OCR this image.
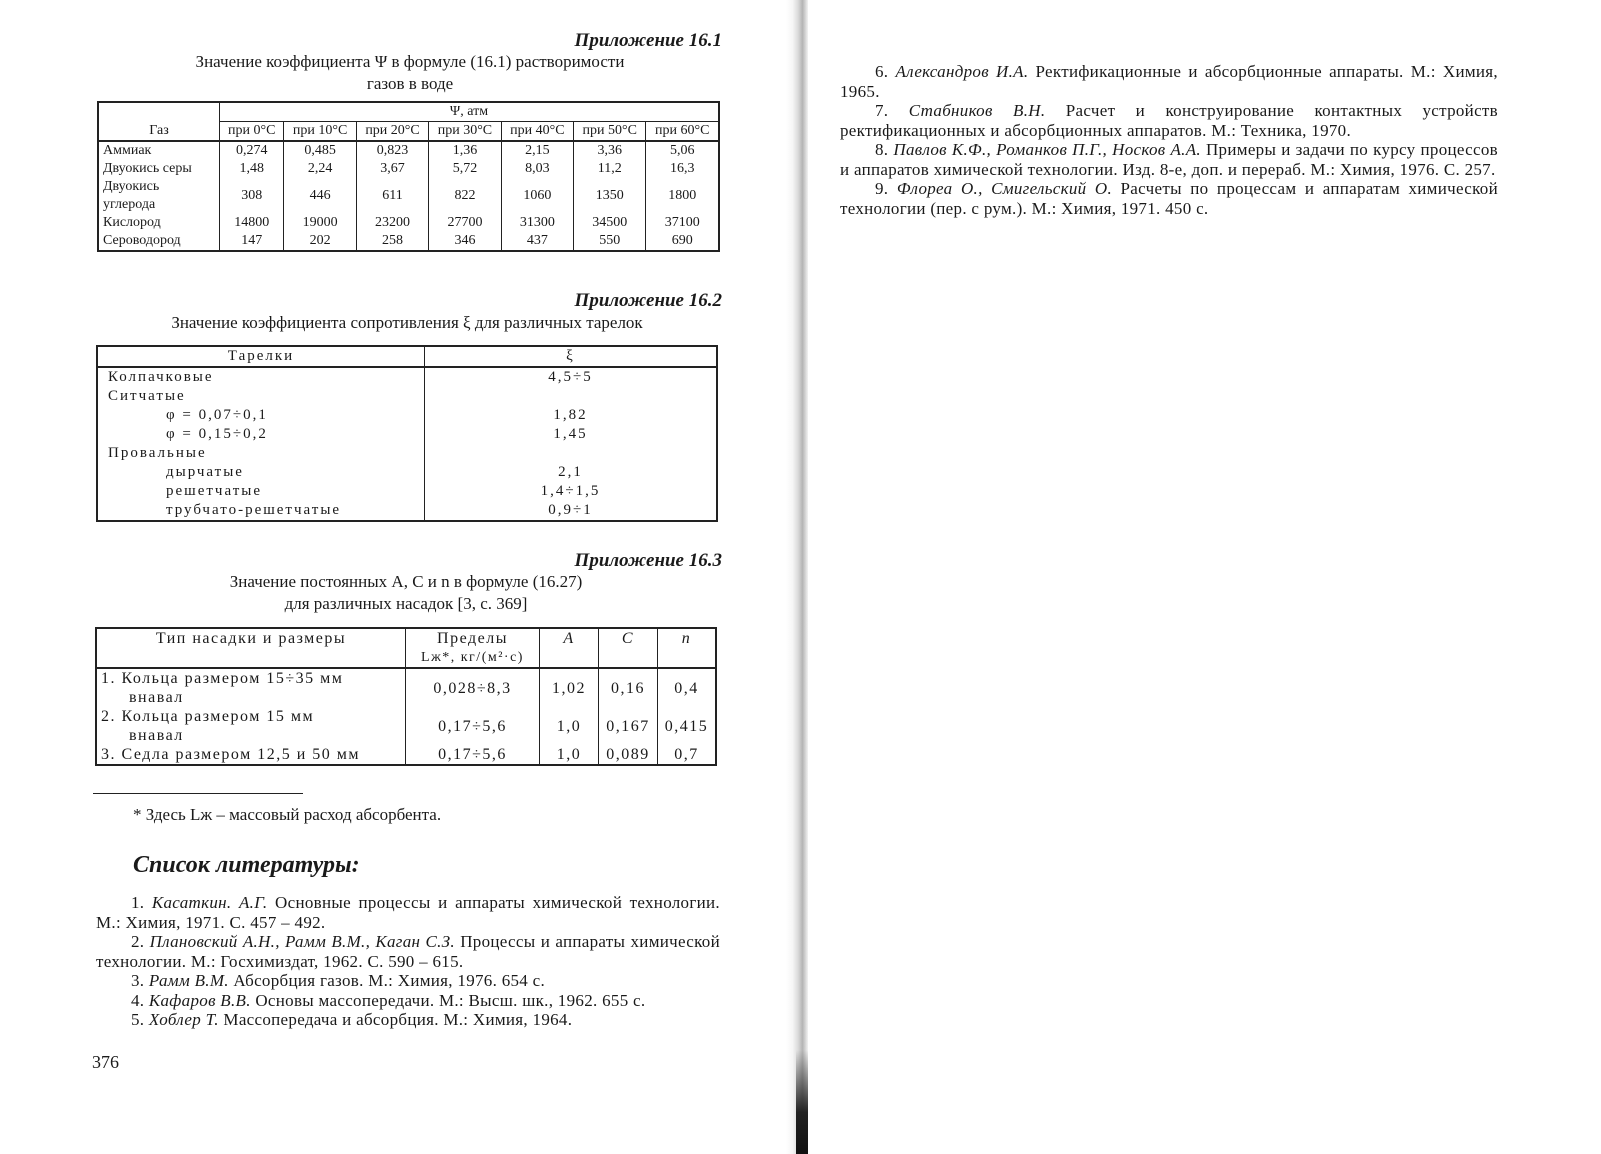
Приложение 16.1
Значение коэффициента Ψ в формуле (16.1) растворимости
газов в воде
Газ	Ψ, атм						
	при 0°C	при 10°C	при 20°C	при 30°C	при 40°C	при 50°C	при 60°C
Аммиак	0,274	0,485	0,823	1,36	2,15	3,36	5,06
Двуокись серы	1,48	2,24	3,67	5,72	8,03	11,2	16,3

Двуокись
углерода	308	446	611	822	1060	1350	1800
Кислород	14800	19000	23200	27700	31300	34500	37100
Сероводород	147	202	258	346	437	550	690
Приложение 16.2
Значение коэффициента сопротивления ξ для различных тарелок
Тарелки	ξ
Колпачковые	4,5÷5
Ситчатые	
φ = 0,07÷0,1	1,82
φ = 0,15÷0,2	1,45
Провальные	
дырчатые	2,1
решетчатые	1,4÷1,5
трубчато-решетчатые	0,9÷1
Приложение 16.3
Значение постоянных A, C и n в формуле (16.27)
для различных насадок [3, с. 369]
Тип насадки и размеры	Пределы
Lж*, кг/(м²·с)	A	C	n

1. Кольца размером 15÷35 мм
внавал	0,028÷8,3	1,02	0,16	0,4

2. Кольца размером 15 мм
внавал	0,17÷5,6	1,0	0,167	0,415

3. Седла размером 12,5 и 50 мм	0,17÷5,6	1,0	0,089	0,7
* Здесь Lж – массовый расход абсорбента.
Список литературы:

1. Касаткин. А.Г. Основные процессы и аппараты химической технологии. М.: Химия, 1971. С. 457 – 492.

2. Плановский А.Н., Рамм В.М., Каган С.З. Процессы и аппараты химической технологии. М.: Госхимиздат, 1962. С. 590 – 615.

3. Рамм В.М. Абсорбция газов. М.: Химия, 1976. 654 с.

4. Кафаров В.В. Основы массопередачи. М.: Высш. шк., 1962. 655 с.

5. Хоблер Т. Массопередача и абсорбция. М.: Химия, 1964.

376

6. Александров И.А. Ректификационные и абсорбционные аппараты. М.: Химия, 1965.

7. Стабников В.Н. Расчет и конструирование контактных устройств ректификационных и абсорбционных аппаратов. М.: Техника, 1970.

8. Павлов К.Ф., Романков П.Г., Носков А.А. Примеры и задачи по курсу процессов и аппаратов химической технологии. Изд. 8-е, доп. и перераб. М.: Химия, 1976. С. 257.

9. Флореа О., Смигельский О. Расчеты по процессам и аппаратам химической технологии (пер. с рум.). М.: Химия, 1971. 450 с.
